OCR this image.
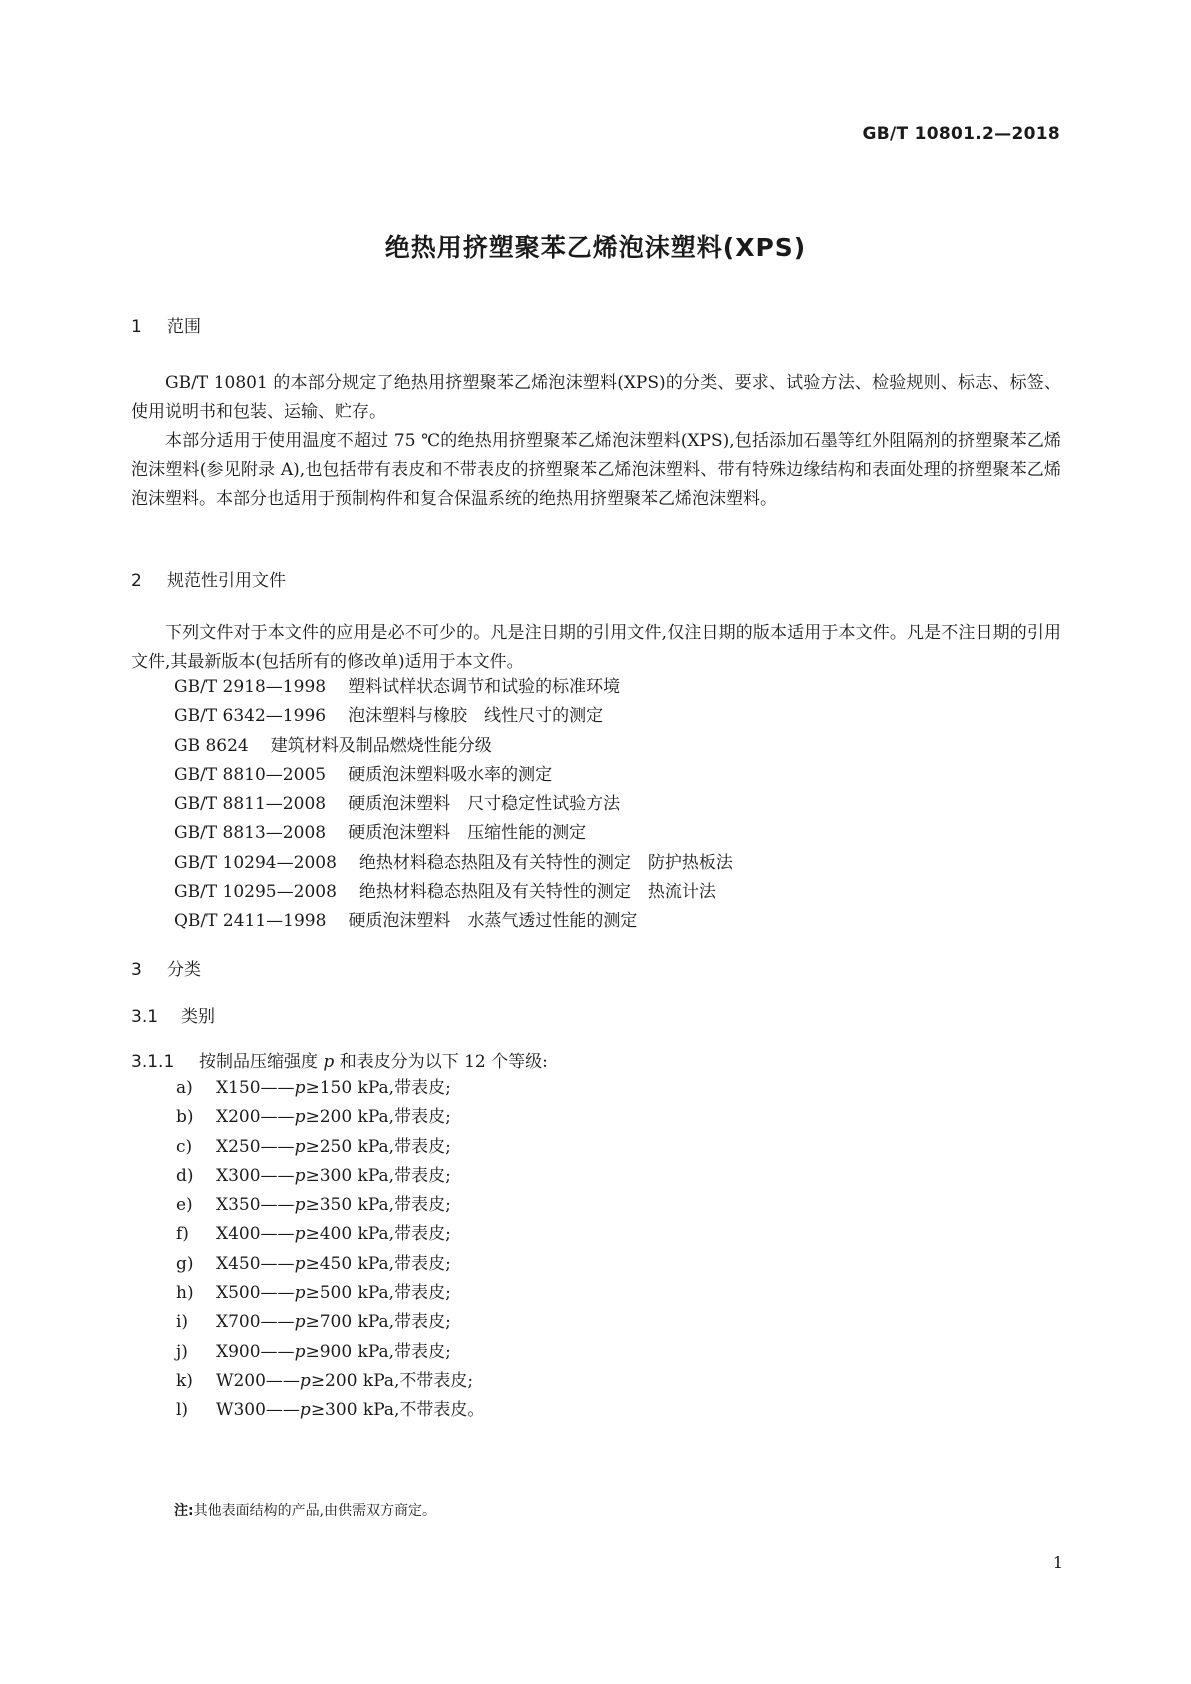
GB/T 10801.2—2018
绝热用挤塑聚苯乙烯泡沫塑料(XPS)
1 范围

GB/T 10801 的本部分规定了绝热用挤塑聚苯乙烯泡沫塑料(XPS)的分类、要求、试验方法、检验规则、标志、标签、使用说明书和包装、运输、贮存。

本部分适用于使用温度不超过 75 ℃的绝热用挤塑聚苯乙烯泡沫塑料(XPS),包括添加石墨等红外阻隔剂的挤塑聚苯乙烯泡沫塑料(参见附录 A),也包括带有表皮和不带表皮的挤塑聚苯乙烯泡沫塑料、带有特殊边缘结构和表面处理的挤塑聚苯乙烯泡沫塑料。本部分也适用于预制构件和复合保温系统的绝热用挤塑聚苯乙烯泡沫塑料。

2 规范性引用文件

下列文件对于本文件的应用是必不可少的。凡是注日期的引用文件,仅注日期的版本适用于本文件。凡是不注日期的引用文件,其最新版本(包括所有的修改单)适用于本文件。

GB/T 2918—1998 塑料试样状态调节和试验的标准环境
GB/T 6342—1996 泡沫塑料与橡胶　线性尺寸的测定
GB 8624 建筑材料及制品燃烧性能分级
GB/T 8810—2005 硬质泡沫塑料吸水率的测定
GB/T 8811—2008 硬质泡沫塑料　尺寸稳定性试验方法
GB/T 8813—2008 硬质泡沫塑料　压缩性能的测定
GB/T 10294—2008 绝热材料稳态热阻及有关特性的测定　防护热板法
GB/T 10295—2008 绝热材料稳态热阻及有关特性的测定　热流计法
QB/T 2411—1998 硬质泡沫塑料　水蒸气透过性能的测定
3 分类
3.1 类别
3.1.1 按制品压缩强度 p 和表皮分为以下 12 个等级:
a) X150——p≥150 kPa,带表皮;
b) X200——p≥200 kPa,带表皮;
c) X250——p≥250 kPa,带表皮;
d) X300——p≥300 kPa,带表皮;
e) X350——p≥350 kPa,带表皮;
f) X400——p≥400 kPa,带表皮;
g) X450——p≥450 kPa,带表皮;
h) X500——p≥500 kPa,带表皮;
i) X700——p≥700 kPa,带表皮;
j) X900——p≥900 kPa,带表皮;
k) W200——p≥200 kPa,不带表皮;
l) W300——p≥300 kPa,不带表皮。
注:其他表面结构的产品,由供需双方商定。
1
